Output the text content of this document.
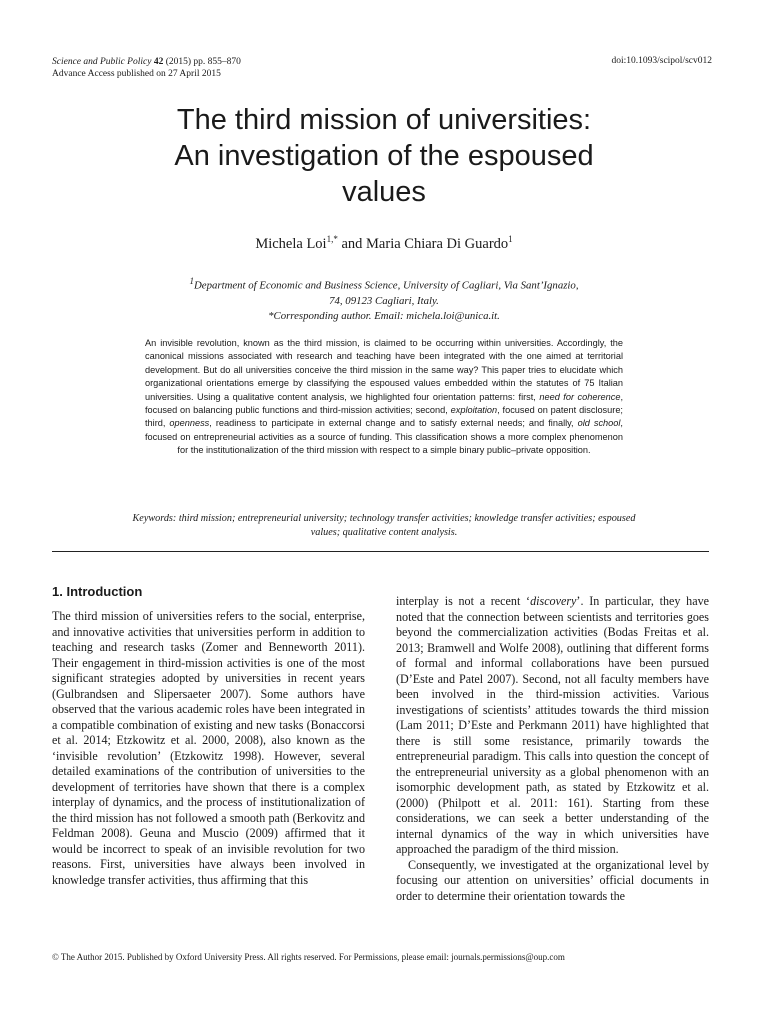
Science and Public Policy 42 (2015) pp. 855–870
Advance Access published on 27 April 2015
doi:10.1093/scipol/scv012
The third mission of universities:
An investigation of the espoused
values
Michela Loi$^{1,*}$ and Maria Chiara Di Guardo$^1$
$^1$Department of Economic and Business Science, University of Cagliari, Via Sant’Ignazio,
74, 09123 Cagliari, Italy.
*Corresponding author. Email: michela.loi@unica.it.
An invisible revolution, known as the third mission, is claimed to be occurring within universities. Accordingly, the canonical missions associated with research and teaching have been integrated with the one aimed at territorial development. But do all universities conceive the third mission in the same way? This paper tries to elucidate which organizational orientations emerge by classifying the espoused values embedded within the statutes of 75 Italian universities. Using a qualitative content analysis, we highlighted four orientation patterns: first, need for coherence, focused on balancing public functions and third-mission activities; second, exploitation, focused on patent disclosure; third, openness, readiness to participate in external change and to satisfy external needs; and finally, old school, focused on entrepreneurial activities as a source of funding. This classification shows a more complex phenomenon for the institutionalization of the third mission with respect to a simple binary public–private opposition.
Keywords: third mission; entrepreneurial university; technology transfer activities; knowledge transfer activities; espoused values; qualitative content analysis.
1. Introduction

The third mission of universities refers to the social, enterprise, and innovative activities that universities perform in addition to teaching and research tasks (Zomer and Benneworth 2011). Their engagement in third-mission activities is one of the most significant strategies adopted by universities in recent years (Gulbrandsen and Slipersaeter 2007). Some authors have observed that the various academic roles have been integrated in a compatible combination of existing and new tasks (Bonaccorsi et al. 2014; Etzkowitz et al. 2000, 2008), also known as the ‘invisible revolution’ (Etzkowitz 1998). However, several detailed examinations of the contribution of universities to the development of territories have shown that there is a complex interplay of dynamics, and the process of institutionalization of the third mission has not followed a smooth path (Berkovitz and Feldman 2008). Geuna and Muscio (2009) affirmed that it would be incorrect to speak of an invisible revolution for two reasons. First, universities have always been involved in knowledge transfer activities, thus affirming that this

interplay is not a recent ‘discovery’. In particular, they have noted that the connection between scientists and territories goes beyond the commercialization activities (Bodas Freitas et al. 2013; Bramwell and Wolfe 2008), outlining that different forms of formal and informal collaborations have been pursued (D’Este and Patel 2007). Second, not all faculty members have been involved in the third-mission activities. Various investigations of scientists’ attitudes towards the third mission (Lam 2011; D’Este and Perkmann 2011) have highlighted that there is still some resistance, primarily towards the entrepreneurial paradigm. This calls into question the concept of the entrepreneurial university as a global phenomenon with an isomorphic development path, as stated by Etzkowitz et al. (2000) (Philpott et al. 2011: 161). Starting from these considerations, we can seek a better understanding of the internal dynamics of the way in which universities have approached the paradigm of the third mission.

Consequently, we investigated at the organizational level by focusing our attention on universities’ official documents in order to determine their orientation towards the

© The Author 2015. Published by Oxford University Press. All rights reserved. For Permissions, please email: journals.permissions@oup.com
